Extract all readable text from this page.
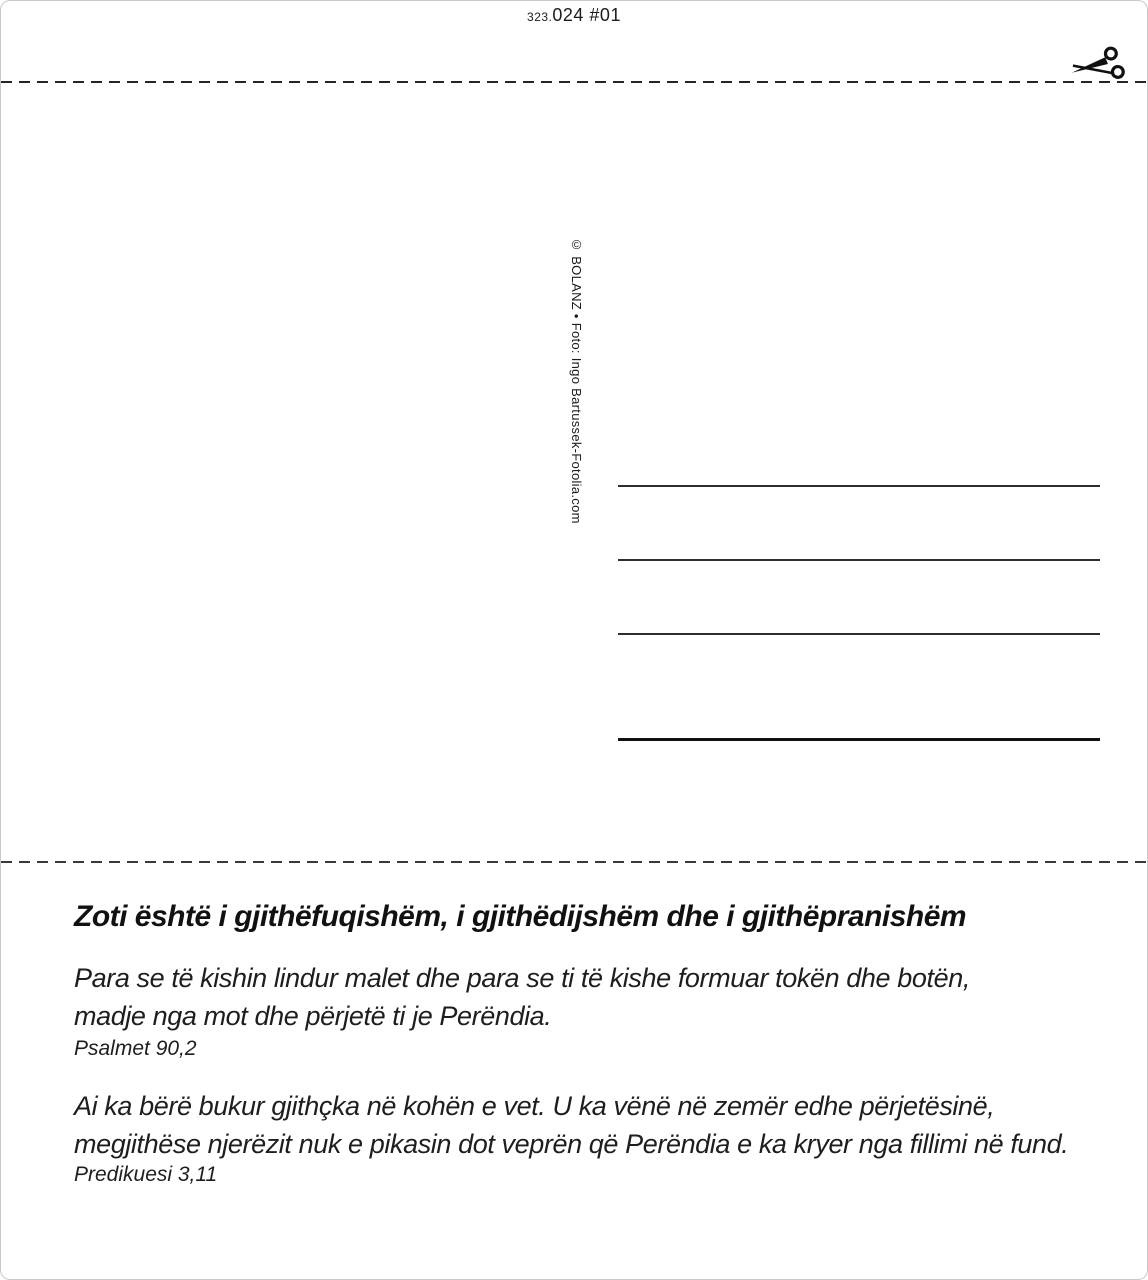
323. 024 #01
© BOLANZ • Foto: Ingo Bartussek-Fotolia.com
Zoti është i gjithëfuqishëm, i gjithëdijshëm dhe i gjithëpranishëm

Para se të kishin lindur malet dhe para se ti të kishe formuar tokën dhe botën,
madje nga mot dhe përjetë ti je Perëndia.

Psalmet 90,2

Ai ka bërë bukur gjithçka në kohën e vet. U ka vënë në zemër edhe përjetësinë,
megjithëse njerëzit nuk e pikasin dot veprën që Perëndia e ka kryer nga fillimi në fund.

Predikuesi 3,11
